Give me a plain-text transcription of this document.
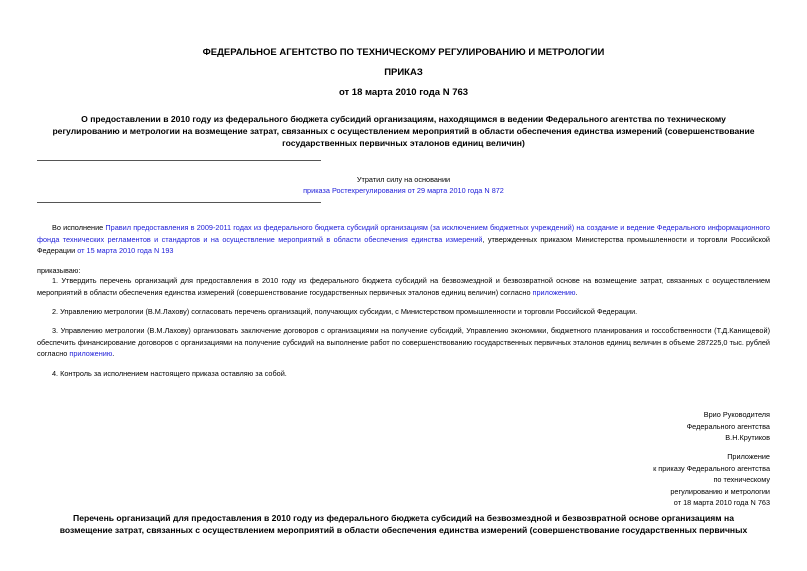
ФЕДЕРАЛЬНОЕ АГЕНТСТВО ПО ТЕХНИЧЕСКОМУ РЕГУЛИРОВАНИЮ И МЕТРОЛОГИИ
ПРИКАЗ
от 18 марта 2010 года N 763
О предоставлении в 2010 году из федерального бюджета субсидий организациям, находящимся в ведении Федерального агентства по техническому
регулированию и метрологии на возмещение затрат, связанных с осуществлением мероприятий в области обеспечения единства измерений (совершенствование
государственных первичных эталонов единиц величин)
Утратил силу на основании
приказа Ростехрегулирования от 29 марта 2010 года N 872
Во исполнение Правил предоставления в 2009-2011 годах из федерального бюджета субсидий организациям (за исключением бюджетных учреждений) на создание и ведение Федерального информационного фонда технических регламентов и стандартов и на осуществление мероприятий в области обеспечения единства измерений, утвержденных приказом Министерства промышленности и торговли Российской Федерации от 15 марта 2010 года N 193
приказываю:
1. Утвердить перечень организаций для предоставления в 2010 году из федерального бюджета субсидий на безвозмездной и безвозвратной основе на возмещение затрат, связанных с осуществлением мероприятий в области обеспечения единства измерений (совершенствование государственных первичных эталонов единиц величин) согласно приложению.
2. Управлению метрологии (В.М.Лахову) согласовать перечень организаций, получающих субсидии, с Министерством промышленности и торговли Российской Федерации.
3. Управлению метрологии (В.М.Лахову) организовать заключение договоров с организациями на получение субсидий, Управлению экономики, бюджетного планирования и госсобственности (Т.Д.Канищевой) обеспечить финансирование договоров с организациями на получение субсидий на выполнение работ по совершенствованию государственных первичных эталонов единиц величин в объеме 287225,0 тыс. рублей согласно приложению.
4. Контроль за исполнением настоящего приказа оставляю за собой.
Врио Руководителя
Федерального агентства
В.Н.Крутиков
Приложение
к приказу Федерального агентства
по техническому
регулированию и метрологии
от 18 марта 2010 года N 763
Перечень организаций для предоставления в 2010 году из федерального бюджета субсидий на безвозмездной и безвозвратной основе организациям на
возмещение затрат, связанных с осуществлением мероприятий в области обеспечения единства измерений (совершенствование государственных первичных
